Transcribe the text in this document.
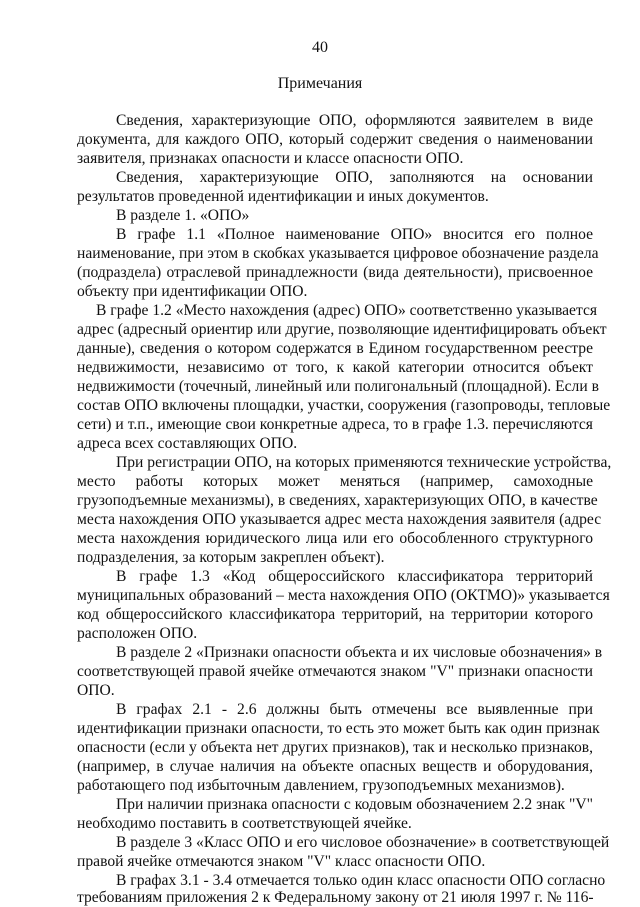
40
Примечания
Сведения, характеризующие ОПО, оформляются заявителем в виде
документа, для каждого ОПО, который содержит сведения о наименовании
заявителя, признаках опасности и классе опасности ОПО.
Сведения, характеризующие ОПО, заполняются на основании
результатов проведенной идентификации и иных документов.
В разделе 1. «ОПО»
В графе 1.1 «Полное наименование ОПО» вносится его полное
наименование, при этом в скобках указывается цифровое обозначение раздела
(подраздела) отраслевой принадлежности (вида деятельности), присвоенное
объекту при идентификации ОПО.
В графе 1.2 «Место нахождения (адрес) ОПО» соответственно указывается
адрес (адресный ориентир или другие, позволяющие идентифицировать объект
данные), сведения о котором содержатся в Едином государственном реестре
недвижимости, независимо от того, к какой категории относится объект
недвижимости (точечный, линейный или полигональный (площадной). Если в
состав ОПО включены площадки, участки, сооружения (газопроводы, тепловые
сети) и т.п., имеющие свои конкретные адреса, то в графе 1.3. перечисляются
адреса всех составляющих ОПО.
При регистрации ОПО, на которых применяются технические устройства,
место работы которых может меняться (например, самоходные
грузоподъемные механизмы), в сведениях, характеризующих ОПО, в качестве
места нахождения ОПО указывается адрес места нахождения заявителя (адрес
места нахождения юридического лица или его обособленного структурного
подразделения, за которым закреплен объект).
В графе 1.3 «Код общероссийского классификатора территорий
муниципальных образований – места нахождения ОПО (ОКТМО)» указывается
код общероссийского классификатора территорий, на территории которого
расположен ОПО.
В разделе 2 «Признаки опасности объекта и их числовые обозначения» в
соответствующей правой ячейке отмечаются знаком "V" признаки опасности
ОПО.
В графах 2.1 - 2.6 должны быть отмечены все выявленные при
идентификации признаки опасности, то есть это может быть как один признак
опасности (если у объекта нет других признаков), так и несколько признаков,
(например, в случае наличия на объекте опасных веществ и оборудования,
работающего под избыточным давлением, грузоподъемных механизмов).
При наличии признака опасности с кодовым обозначением 2.2 знак "V"
необходимо поставить в соответствующей ячейке.
В разделе 3 «Класс ОПО и его числовое обозначение» в соответствующей
правой ячейке отмечаются знаком "V" класс опасности ОПО.
В графах 3.1 - 3.4 отмечается только один класс опасности ОПО согласно
требованиям приложения 2 к Федеральному закону от 21 июля 1997 г. № 116-
